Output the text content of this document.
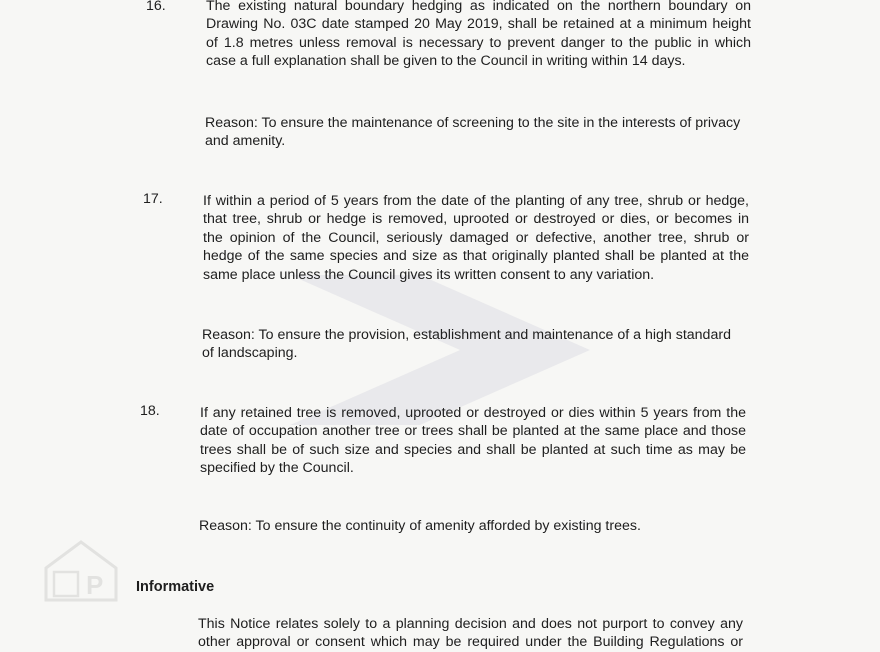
P
16.	The existing natural boundary hedging as indicated on the northern boundary on
Drawing No. 03C date stamped 20 May 2019, shall be retained at a minimum height
of 1.8 metres unless removal is necessary to prevent danger to the public in which
case a full explanation shall be given to the Council in writing within 14 days.
Reason: To ensure the maintenance of screening to the site in the interests of privacy
and amenity.
17.	If within a period of 5 years from the date of the planting of any tree, shrub or hedge,
that tree, shrub or hedge is removed, uprooted or destroyed or dies, or becomes in
the opinion of the Council, seriously damaged or defective, another tree, shrub or
hedge of the same species and size as that originally planted shall be planted at the
same place unless the Council gives its written consent to any variation.
Reason: To ensure the provision, establishment and maintenance of a high standard
of landscaping.
18.	If any retained tree is removed, uprooted or destroyed or dies within 5 years from the
date of occupation another tree or trees shall be planted at the same place and those
trees shall be of such size and species and shall be planted at such time as may be
specified by the Council.
Reason: To ensure the continuity of amenity afforded by existing trees.
Informative
This Notice relates solely to a planning decision and does not purport to convey any
other approval or consent which may be required under the Building Regulations or
